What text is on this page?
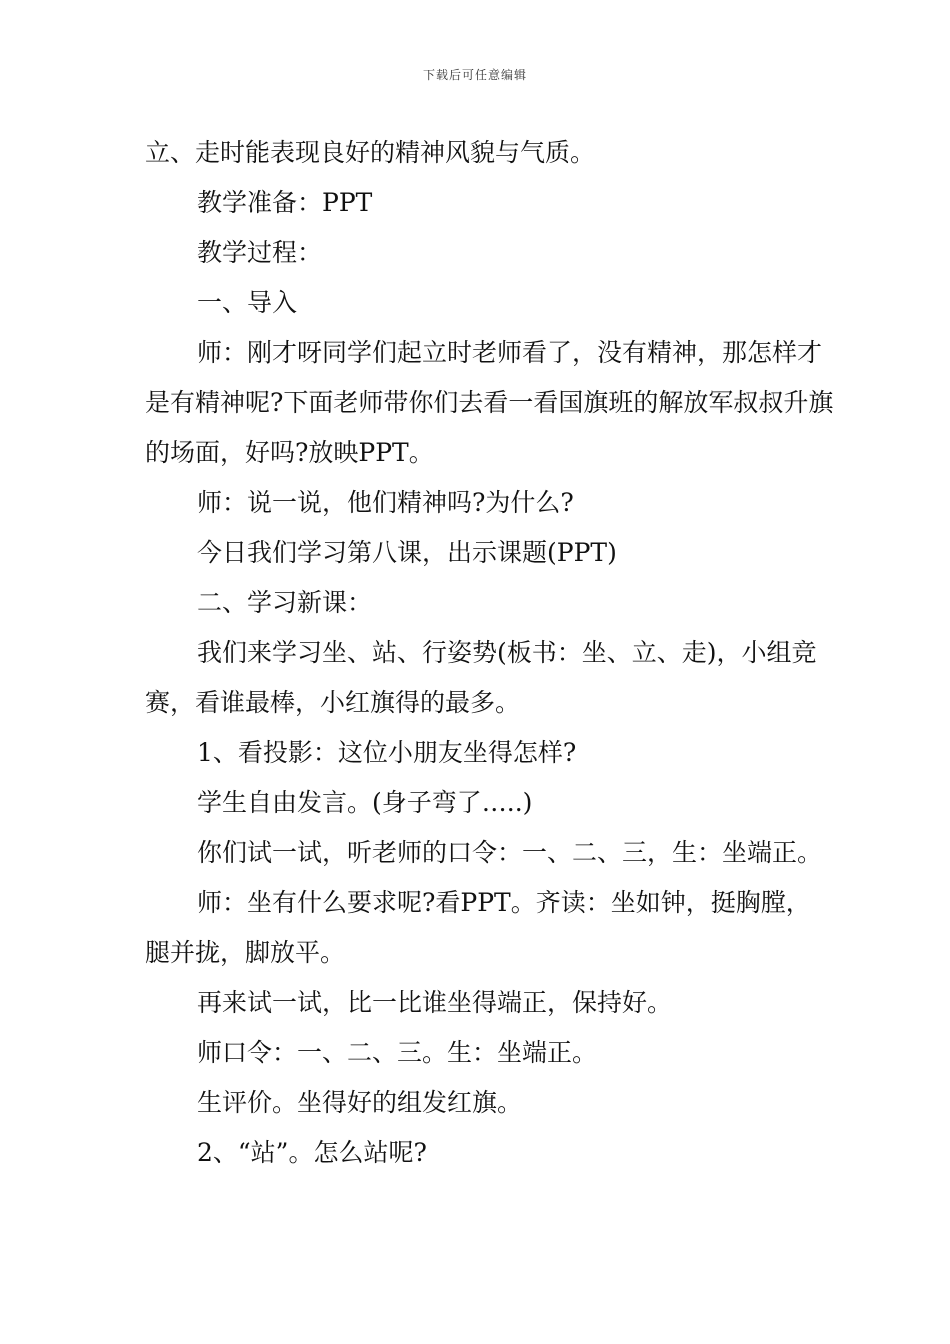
下载后可任意编辑

立、走时能表现良好的精神风貌与气质。

教学准备：PPT

教学过程：

一、导入

师：刚才呀同学们起立时老师看了，没有精神，那怎样才是有精神呢?下面老师带你们去看一看国旗班的解放军叔叔升旗的场面，好吗?放映PPT。

师：说一说，他们精神吗?为什么?

今日我们学习第八课，出示课题(PPT)

二、学习新课：

我们来学习坐、站、行姿势(板书：坐、立、走)，小组竞赛，看谁最棒，小红旗得的最多。

1、看投影：这位小朋友坐得怎样?

学生自由发言。(身子弯了…..)

你们试一试，听老师的口令：一、二、三，生：坐端正。

师：坐有什么要求呢?看PPT。齐读：坐如钟，挺胸膛，腿并拢，脚放平。

再来试一试，比一比谁坐得端正，保持好。

师口令：一、二、三。生：坐端正。

生评价。坐得好的组发红旗。

2、“站”。怎么站呢?
